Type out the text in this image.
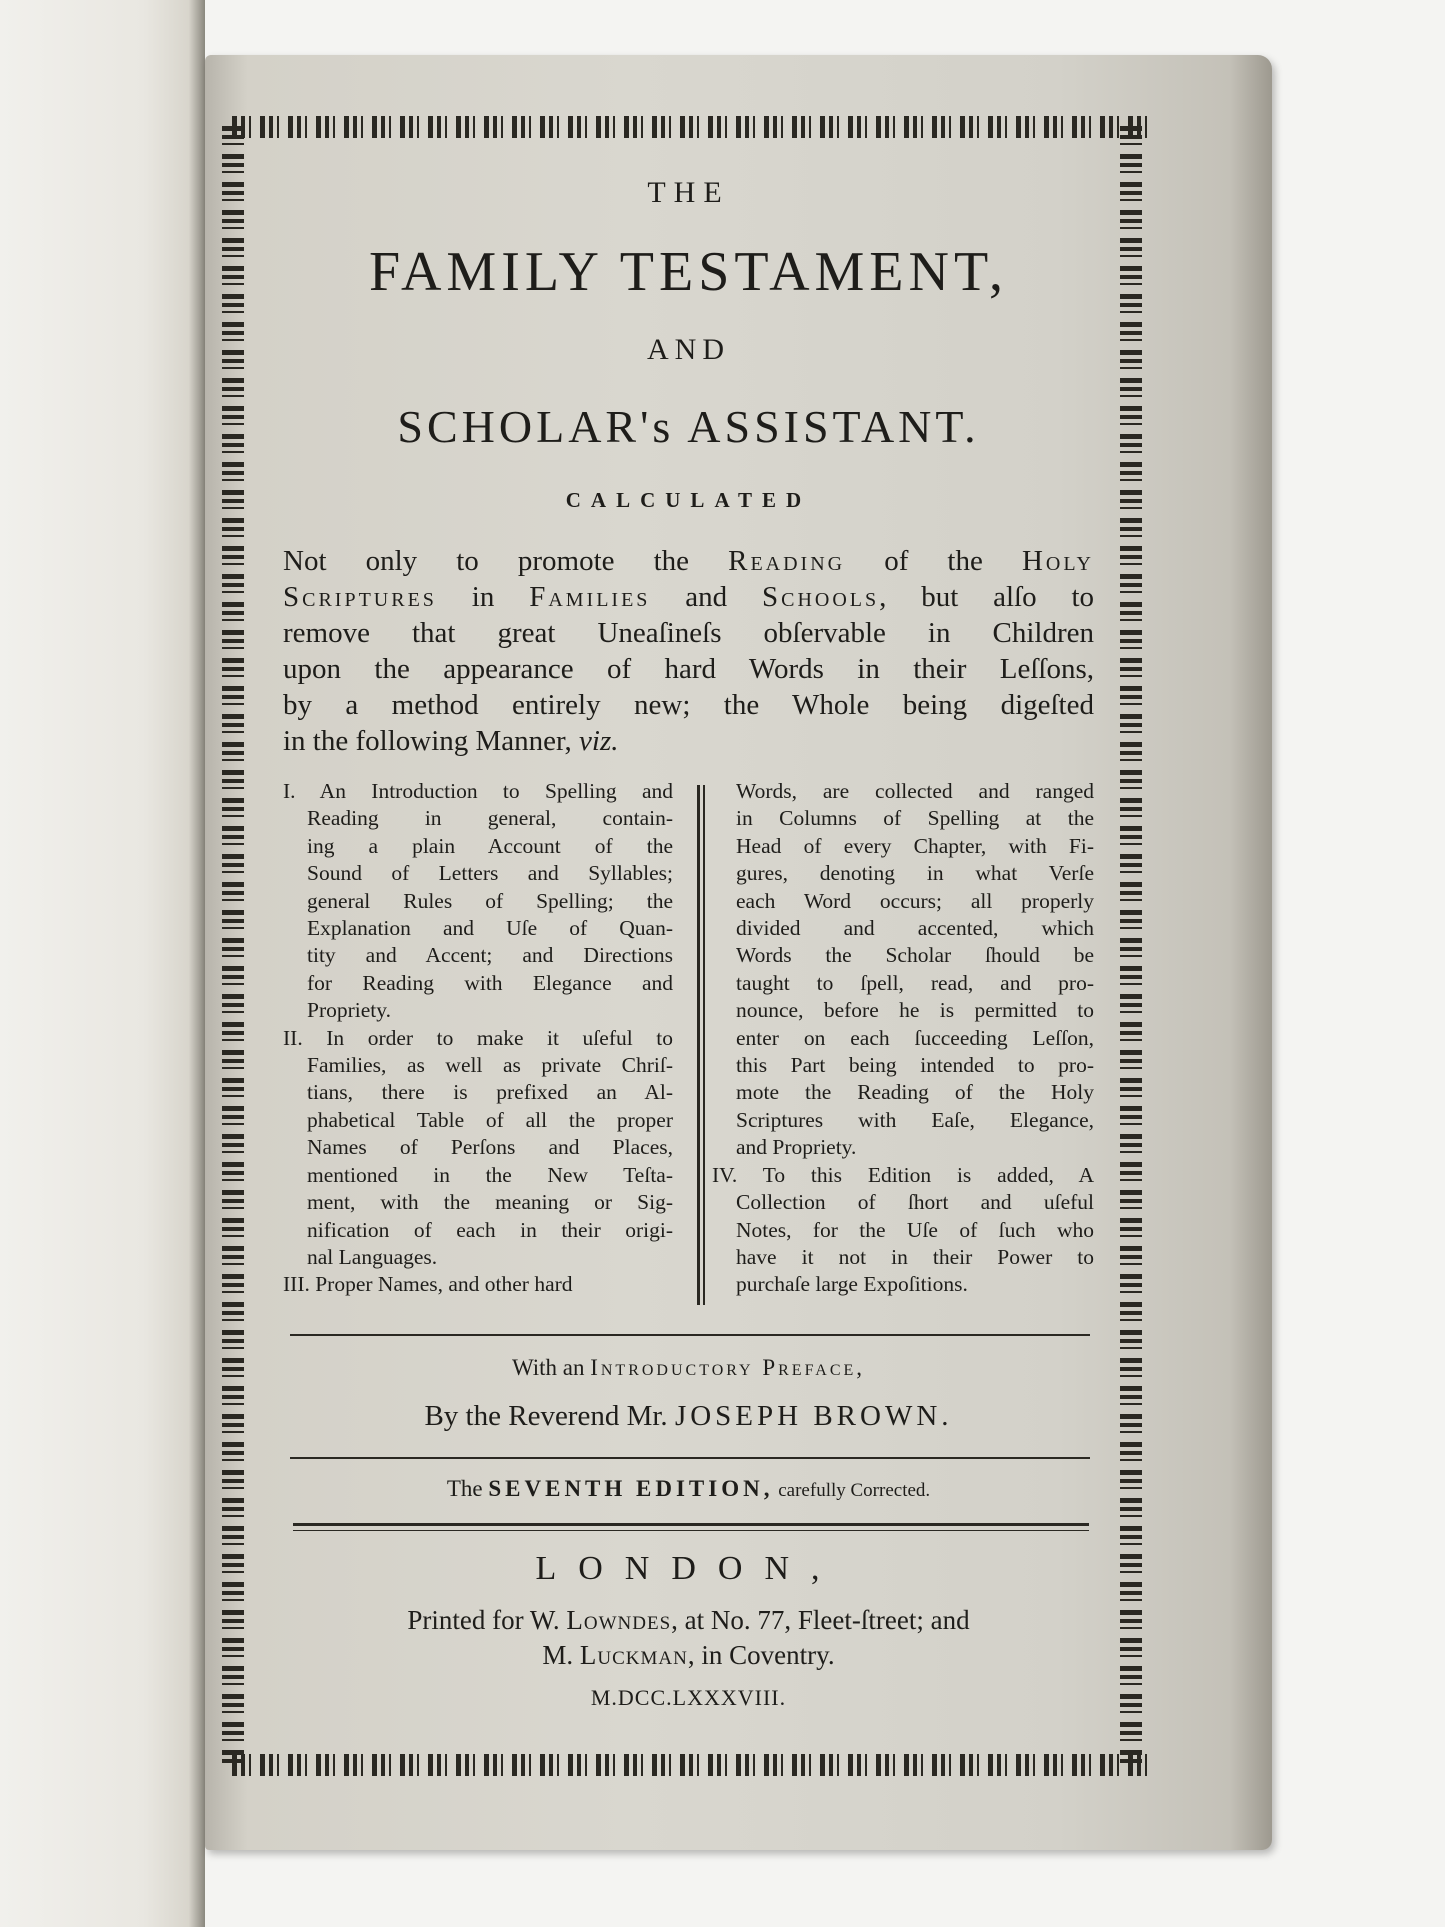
THE
FAMILY TESTAMENT,
AND
SCHOLAR's ASSISTANT.
CALCULATED
Not only to promote the Reading of the Holy
Scriptures in Families and Schools, but alſo to
remove that great Uneaſineſs obſervable in Children
upon the appearance of hard Words in their Leſſons,
by a method entirely new; the Whole being digeſted
in the following Manner, viz.
I. An Introduction to Spelling and
Reading in general, contain-
ing a plain Account of the
Sound of Letters and Syllables;
general Rules of Spelling; the
Explanation and Uſe of Quan-
tity and Accent; and Directions
for Reading with Elegance and
Propriety.
II. In order to make it uſeful to
Families, as well as private Chriſ-
tians, there is prefixed an Al-
phabetical Table of all the proper
Names of Perſons and Places,
mentioned in the New Teſta-
ment, with the meaning or Sig-
nification of each in their origi-
nal Languages.
III. Proper Names, and other hard
Words, are collected and ranged
in Columns of Spelling at the
Head of every Chapter, with Fi-
gures, denoting in what Verſe
each Word occurs; all properly
divided and accented, which
Words the Scholar ſhould be
taught to ſpell, read, and pro-
nounce, before he is permitted to
enter on each ſucceeding Leſſon,
this Part being intended to pro-
mote the Reading of the Holy
Scriptures with Eaſe, Elegance,
and Propriety.
IV. To this Edition is added, A
Collection of ſhort and uſeful
Notes, for the Uſe of ſuch who
have it not in their Power to
purchaſe large Expoſitions.
With an Introductory Preface,
By the Reverend Mr. JOSEPH BROWN.
The SEVENTH EDITION, carefully Corrected.
LONDON,
Printed for W. Lowndes, at No. 77, Fleet-ſtreet; and
M. Luckman, in Coventry.
M.DCC.LXXXVIII.
